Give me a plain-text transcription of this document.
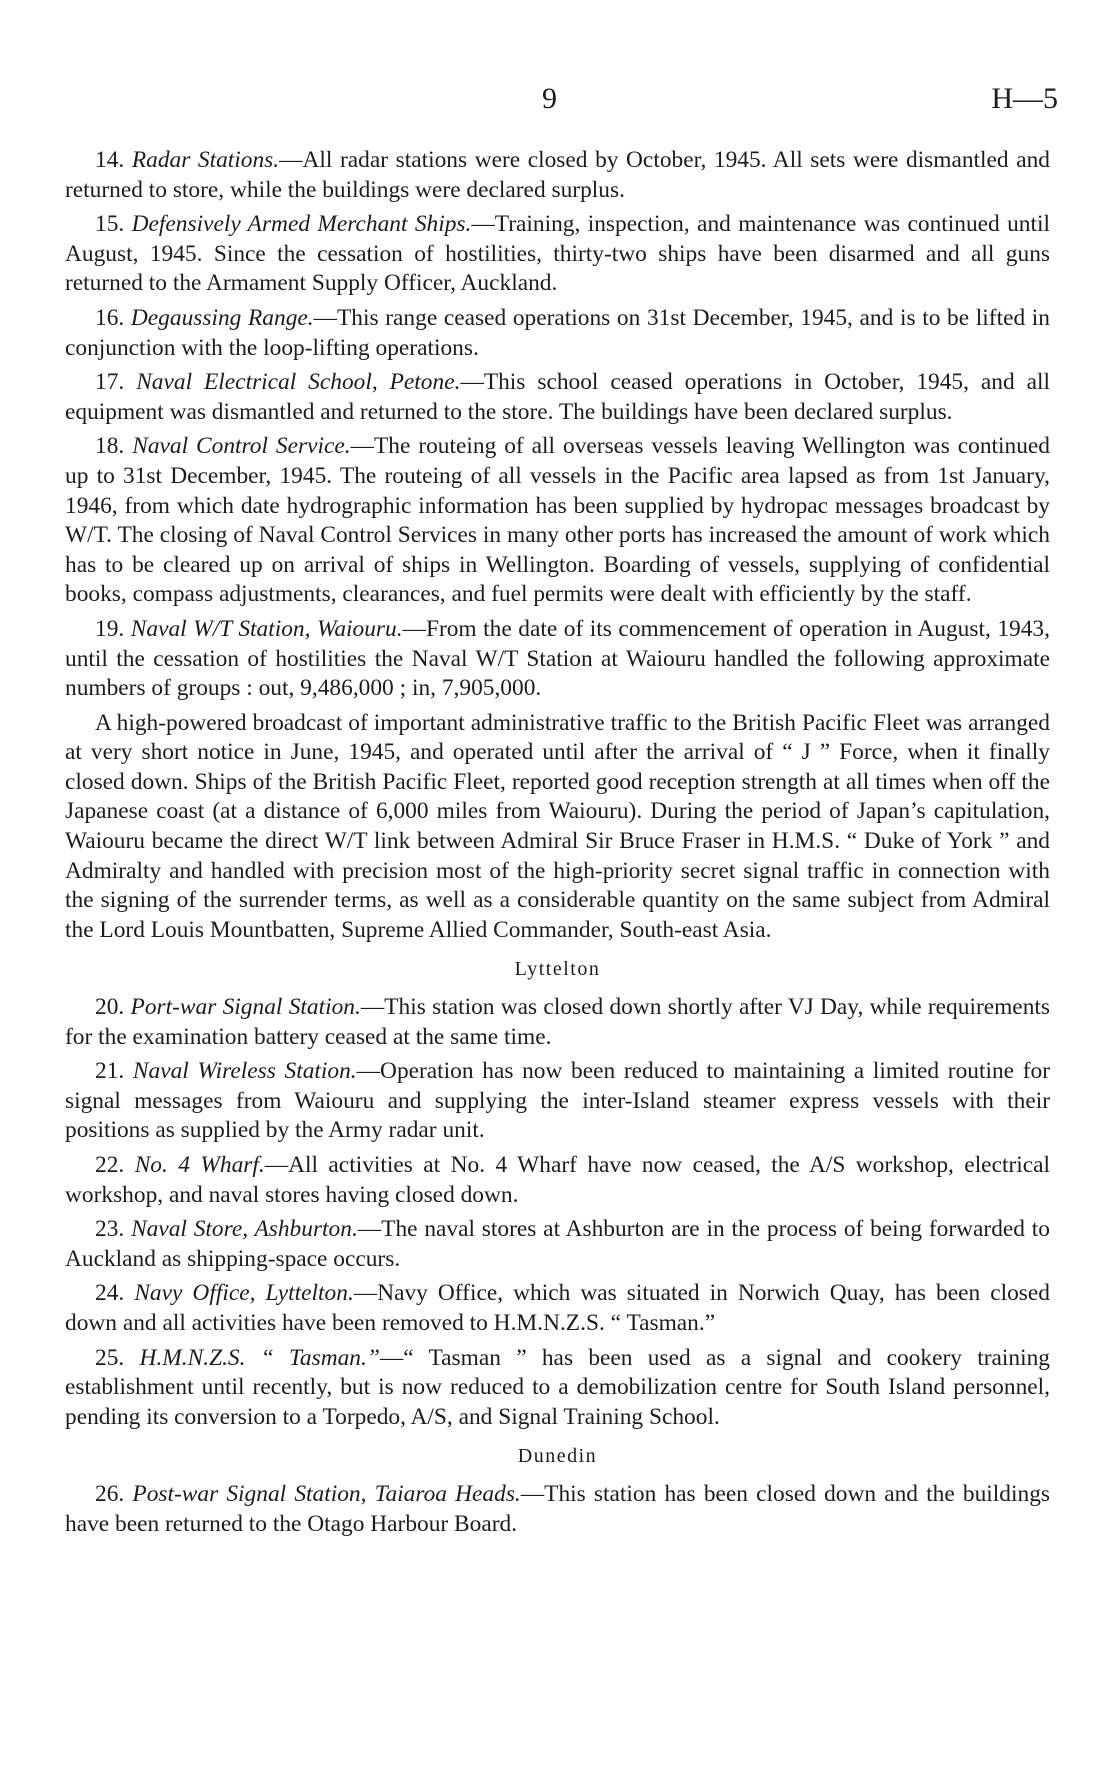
9	H—5

14. Radar Stations.—All radar stations were closed by October, 1945. All sets were dismantled and returned to store, while the buildings were declared surplus.

15. Defensively Armed Merchant Ships.—Training, inspection, and maintenance was continued until August, 1945. Since the cessation of hostilities, thirty-two ships have been disarmed and all guns returned to the Armament Supply Officer, Auckland.

16. Degaussing Range.—This range ceased operations on 31st December, 1945, and is to be lifted in conjunction with the loop-lifting operations.

17. Naval Electrical School, Petone.—This school ceased operations in October, 1945, and all equipment was dismantled and returned to the store. The buildings have been declared surplus.

18. Naval Control Service.—The routeing of all overseas vessels leaving Wellington was continued up to 31st December, 1945. The routeing of all vessels in the Pacific area lapsed as from 1st January, 1946, from which date hydrographic information has been supplied by hydropac messages broadcast by W/T. The closing of Naval Control Services in many other ports has increased the amount of work which has to be cleared up on arrival of ships in Wellington. Boarding of vessels, supplying of confidential books, compass adjustments, clearances, and fuel permits were dealt with efficiently by the staff.

19. Naval W/T Station, Waiouru.—From the date of its commencement of operation in August, 1943, until the cessation of hostilities the Naval W/T Station at Waiouru handled the following approximate numbers of groups : out, 9,486,000 ; in, 7,905,000.

A high-powered broadcast of important administrative traffic to the British Pacific Fleet was arranged at very short notice in June, 1945, and operated until after the arrival of “ J ” Force, when it finally closed down. Ships of the British Pacific Fleet, reported good reception strength at all times when off the Japanese coast (at a distance of 6,000 miles from Waiouru). During the period of Japan’s capitulation, Waiouru became the direct W/T link between Admiral Sir Bruce Fraser in H.M.S. “ Duke of York ” and Admiralty and handled with precision most of the high-priority secret signal traffic in connection with the signing of the surrender terms, as well as a considerable quantity on the same subject from Admiral the Lord Louis Mountbatten, Supreme Allied Commander, South-east Asia.

Lyttelton

20. Port-war Signal Station.—This station was closed down shortly after VJ Day, while requirements for the examination battery ceased at the same time.

21. Naval Wireless Station.—Operation has now been reduced to maintaining a limited routine for signal messages from Waiouru and supplying the inter-Island steamer express vessels with their positions as supplied by the Army radar unit.

22. No. 4 Wharf.—All activities at No. 4 Wharf have now ceased, the A/S workshop, electrical workshop, and naval stores having closed down.

23. Naval Store, Ashburton.—The naval stores at Ashburton are in the process of being forwarded to Auckland as shipping-space occurs.

24. Navy Office, Lyttelton.—Navy Office, which was situated in Norwich Quay, has been closed down and all activities have been removed to H.M.N.Z.S. “ Tasman.”

25. H.M.N.Z.S. “ Tasman.”—“ Tasman ” has been used as a signal and cookery training establishment until recently, but is now reduced to a demobilization centre for South Island personnel, pending its conversion to a Torpedo, A/S, and Signal Training School.

Dunedin

26. Post-war Signal Station, Taiaroa Heads.—This station has been closed down and the buildings have been returned to the Otago Harbour Board.
